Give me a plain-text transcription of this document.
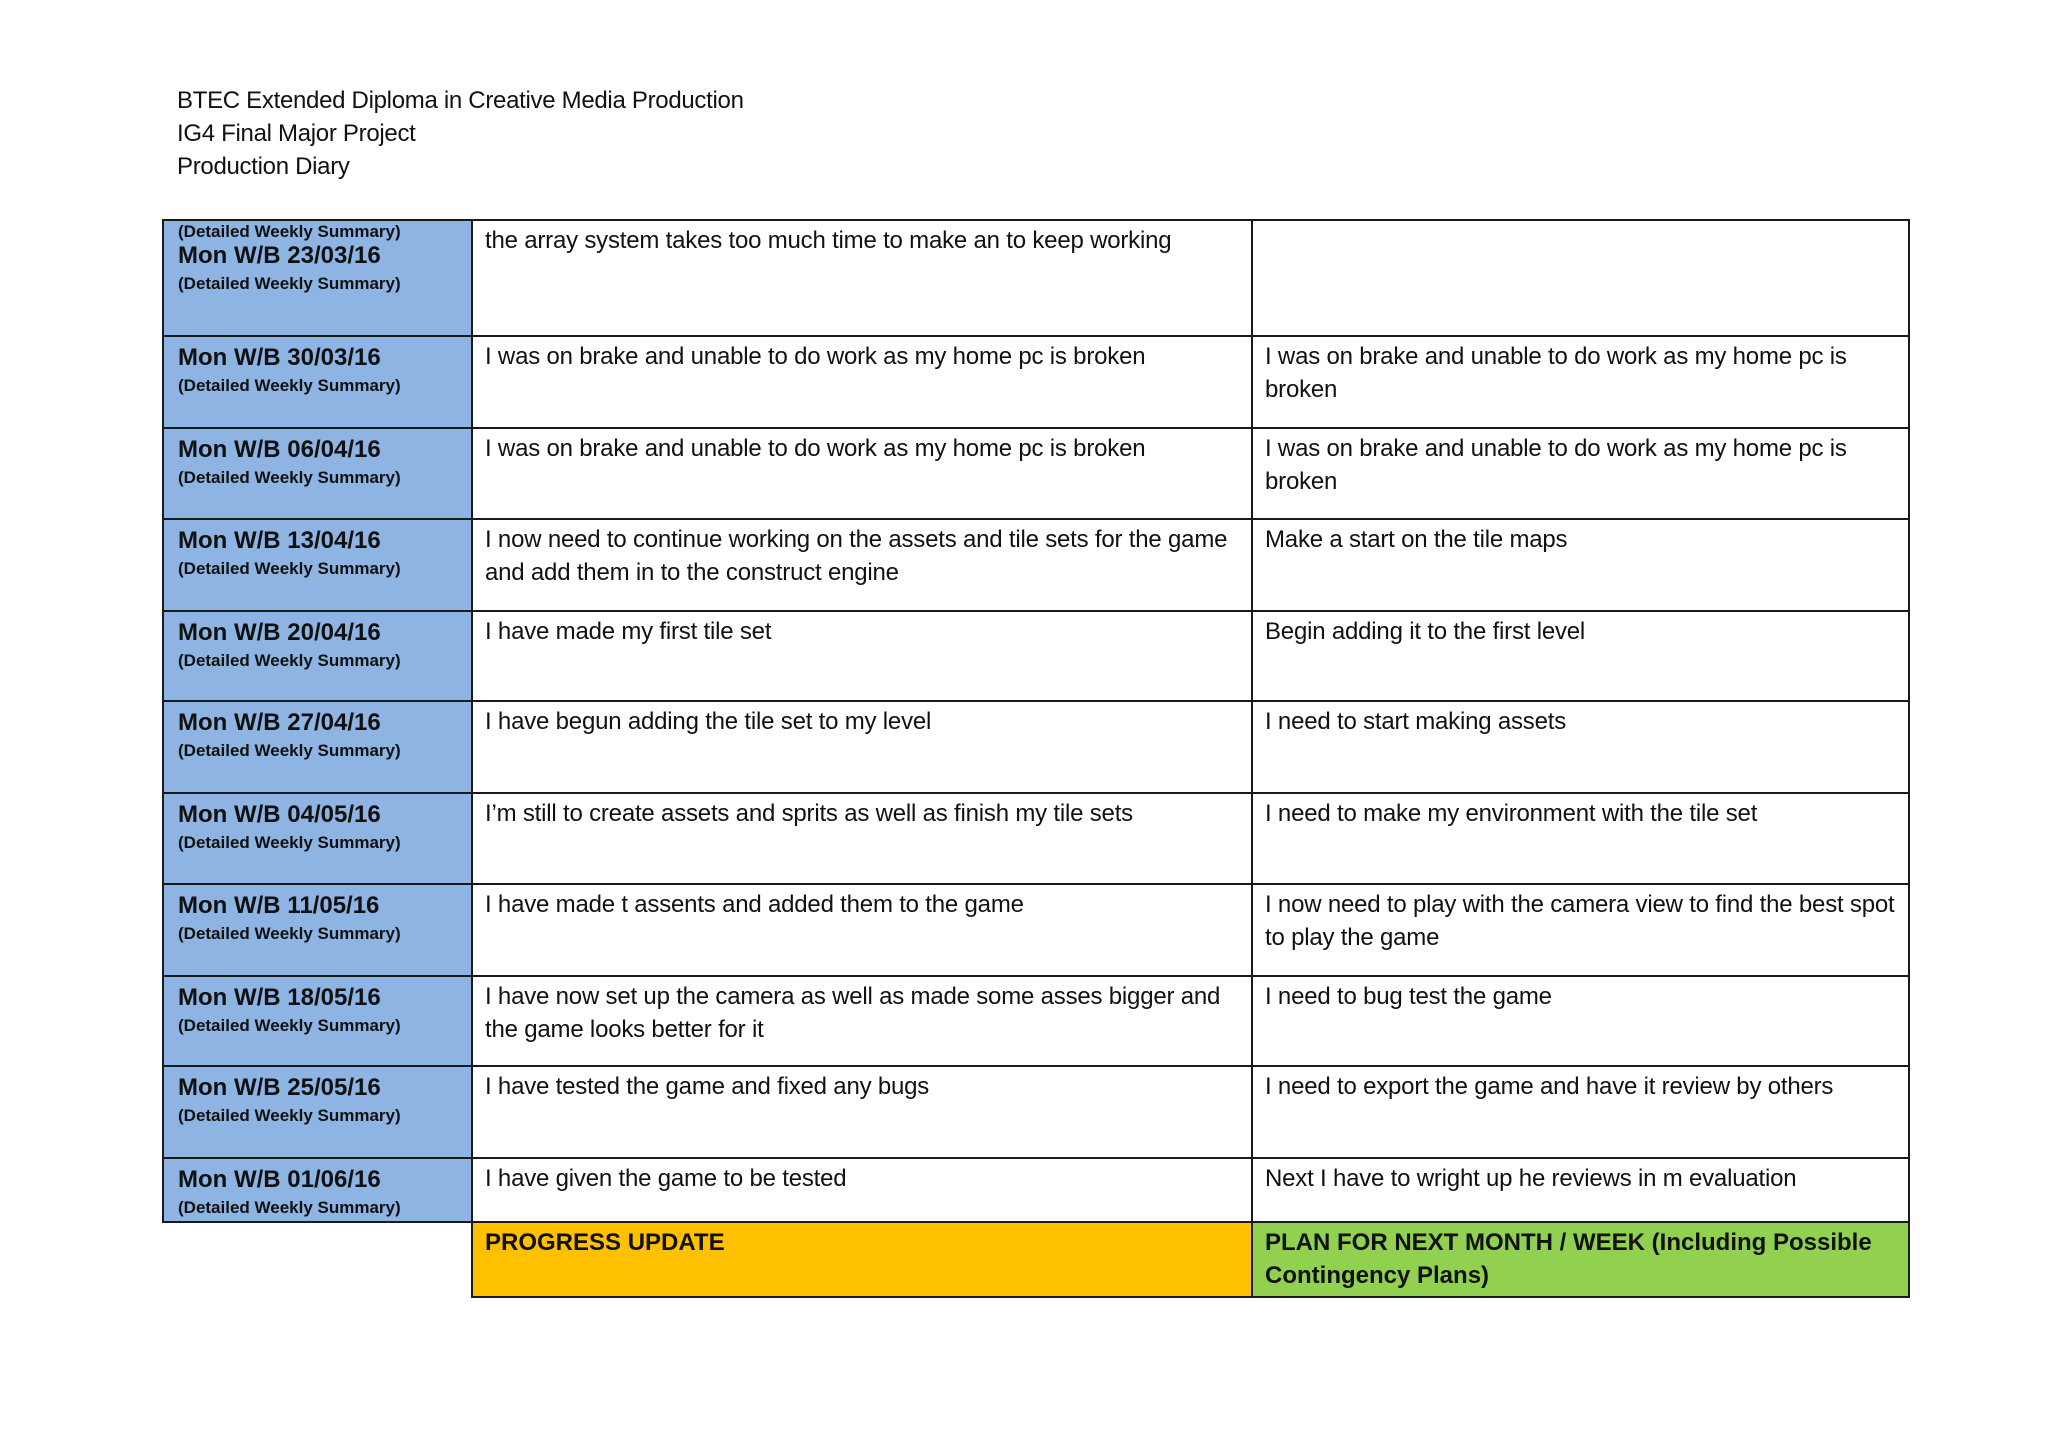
BTEC Extended Diploma in Creative Media Production
IG4 Final Major Project
Production Diary
(Detailed Weekly Summary)
Mon W/B 23/03/16
(Detailed Weekly Summary)	the array system takes too much time to make an to keep working	

Mon W/B 30/03/16
(Detailed Weekly Summary)	I was on brake and unable to do work as my home pc is broken	I was on brake and unable to do work as my home pc is broken

Mon W/B 06/04/16
(Detailed Weekly Summary)	I was on brake and unable to do work as my home pc is broken	I was on brake and unable to do work as my home pc is broken

Mon W/B 13/04/16
(Detailed Weekly Summary)	I now need to continue working on the assets and tile sets for the game and add them in to the construct engine	Make a start on the tile maps

Mon W/B 20/04/16
(Detailed Weekly Summary)	I have made my first tile set	Begin adding it to the first level

Mon W/B 27/04/16
(Detailed Weekly Summary)	I have begun adding the tile set to my level	I need to start making assets

Mon W/B 04/05/16
(Detailed Weekly Summary)	I’m still to create assets and sprits as well as finish my tile sets	I need to make my environment with the tile set

Mon W/B 11/05/16
(Detailed Weekly Summary)	I have made t assents and added them to the game	I now need to play with the camera view to find the best spot to play the game

Mon W/B 18/05/16
(Detailed Weekly Summary)	I have now set up the camera as well as made some asses bigger and the game looks better for it	I need to bug test the game

Mon W/B 25/05/16
(Detailed Weekly Summary)	I have tested the game and fixed any bugs	I need to export the game and have it review by others

Mon W/B 01/06/16
(Detailed Weekly Summary)	I have given the game to be tested	Next I have to wright up he reviews in m evaluation
	PROGRESS UPDATE	PLAN FOR NEXT MONTH / WEEK (Including Possible Contingency Plans)
